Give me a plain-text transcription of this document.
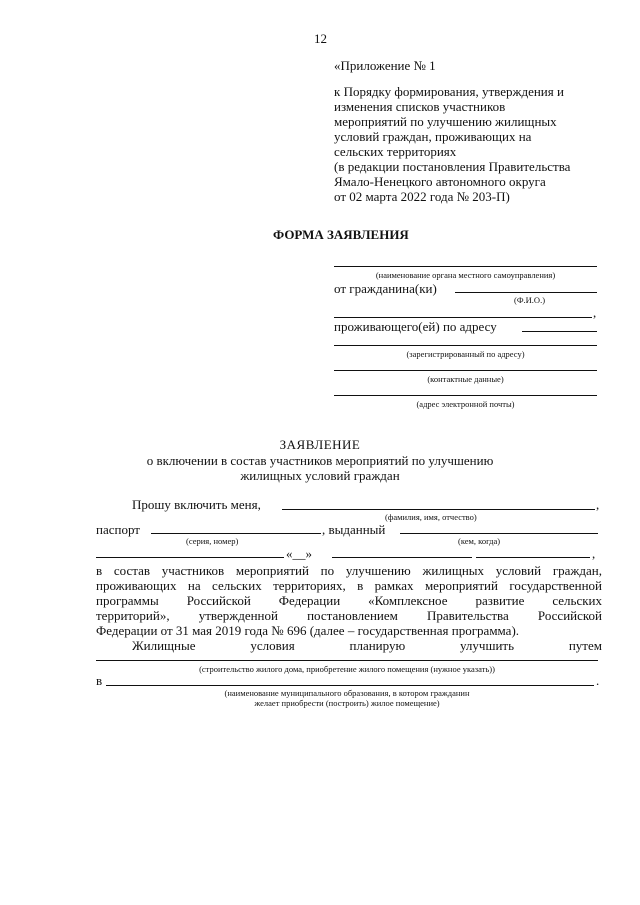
12
«Приложение № 1
к Порядку формирования, утверждения и
изменения списков участников
мероприятий по улучшению жилищных
условий граждан, проживающих на
сельских территориях
(в редакции постановления Правительства
Ямало-Ненецкого автономного округа
от 02 марта 2022 года № 203-П)
ФОРМА ЗАЯВЛЕНИЯ
(наименование органа местного самоуправления)
от гражданина(ки)
(Ф.И.О.)
,
проживающего(ей) по адресу
(зарегистрированный по адресу)
(контактные данные)
(адрес электронной почты)
ЗАЯВЛЕНИЕ
о включении в состав участников мероприятий по улучшению
жилищных условий граждан
Прошу включить меня,	,
(фамилия, имя, отчество)
паспорт	, выданный
(серия, номер)	(кем, когда)
«__»	,
в состав участников мероприятий по улучшению жилищных условий граждан,
проживающих на сельских территориях, в рамках мероприятий государственной
программы Российской Федерации «Комплексное развитие сельских
территорий», утвержденной постановлением Правительства Российской
Федерации от 31 мая 2019 года № 696 (далее – государственная программа).
Жилищные условия планирую улучшить путем
(строительство жилого дома, приобретение жилого помещения (нужное указать))
в	.
(наименование муниципального образования, в котором гражданин
желает приобрести (построить) жилое помещение)
